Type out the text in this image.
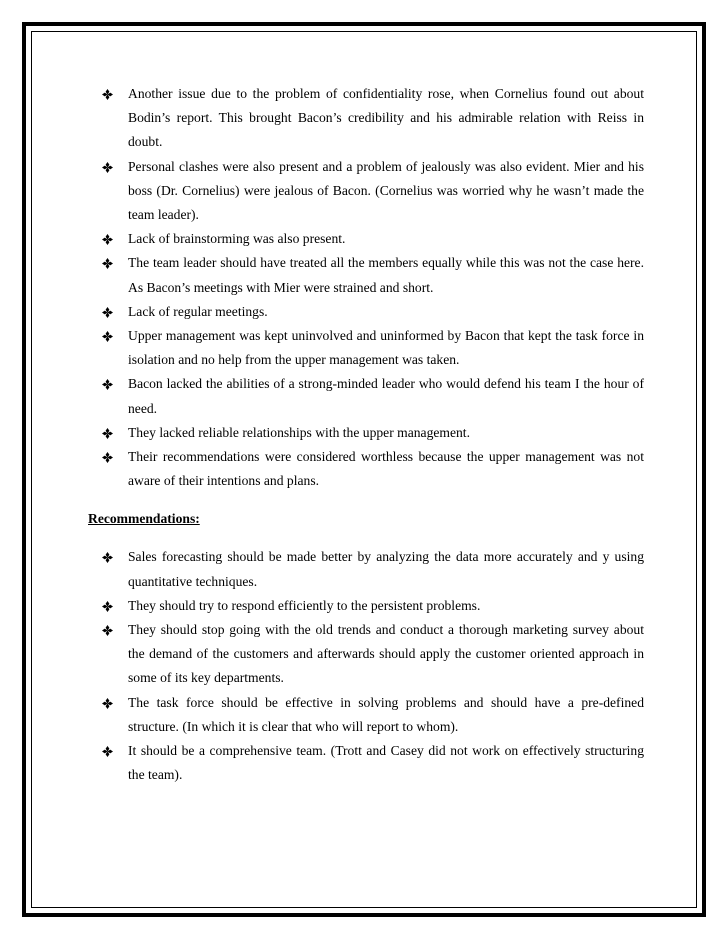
Another issue due to the problem of confidentiality rose, when Cornelius found out about Bodin’s report. This brought Bacon’s credibility and his admirable relation with Reiss in doubt.
Personal clashes were also present and a problem of jealously was also evident. Mier and his boss (Dr. Cornelius) were jealous of Bacon. (Cornelius was worried why he wasn’t made the team leader).
Lack of brainstorming was also present.
The team leader should have treated all the members equally while this was not the case here. As Bacon’s meetings with Mier were strained and short.
Lack of regular meetings.
Upper management was kept uninvolved and uninformed by Bacon that kept the task force in isolation and no help from the upper management was taken.
Bacon lacked the abilities of a strong-minded leader who would defend his team I the hour of need.
They lacked reliable relationships with the upper management.
Their recommendations were considered worthless because the upper management was not aware of their intentions and plans.
Recommendations:
Sales forecasting should be made better by analyzing the data more accurately and y using quantitative techniques.
They should try to respond efficiently to the persistent problems.
They should stop going with the old trends and conduct a thorough marketing survey about the demand of the customers and afterwards should apply the customer oriented approach in some of its key departments.
The task force should be effective in solving problems and should have a pre-defined structure. (In which it is clear that who will report to whom).
It should be a comprehensive team. (Trott and Casey did not work on effectively structuring the team).
